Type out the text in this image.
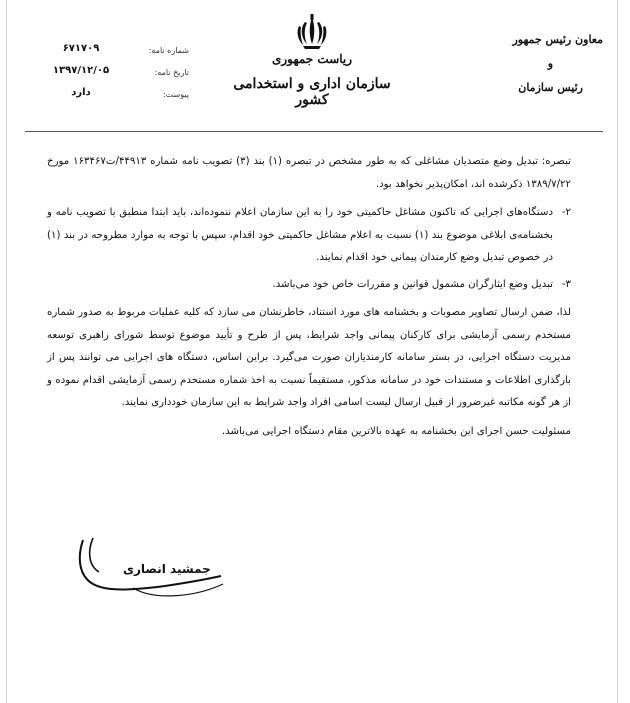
ریاست جمهوری
سازمان اداری و استخدامی کشور
معاون رئیس جمهور
و
رئیس سازمان
شماره نامه:
تاریخ نامه:
پیوست:
۶۷۱۷۰۹
۱۳۹۷/۱۲/۰۵
دارد

تبصره: تبدیل وضع متصدیان مشاغلی که به طور مشخص در تبصره (۱) بند (۳) تصویب نامه شماره ۴۴۹۱۳/ت۱۶۳۴۶۷ مورخ ۱۳۸۹/۷/۲۲ ذکرشده اند، امکان‌پذیر نخواهد بود.

۲-
دستگاه‌های اجرایی که تاکنون مشاغل حاکمیتی خود را به این سازمان اعلام ننموده‌اند، باید ابتدا منطبق با تصویب نامه و بخشنامه‌ی ابلاغی موضوع بند (۱) نسبت به اعلام مشاغل حاکمیتی خود اقدام، سپس با توجه به موارد مطروحه در بند (۱) در خصوص تبدیل وضع کارمندان پیمانی خود اقدام نمایند.
۳-
تبدیل وضع ایثارگران مشمول قوانین و مقررات خاص خود می‌باشد.

لذا، ضمن ارسال تصاویر مصوبات و بخشنامه های مورد استناد، خاطرنشان می سازد که کلیه عملیات مربوط به صدور شماره مستخدم رسمی آزمایشی برای کارکنان پیمانی واجد شرایط، پس از طرح و تأیید موضوع توسط شورای راهبری توسعه مدیریت دستگاه اجرایی، در بستر سامانه کارمندیاران صورت می‌گیرد. براین اساس، دستگاه های اجرایی می توانند پس از بارگذاری اطلاعات و مستندات خود در سامانه مذکور، مستقیماً نسبت به اخذ شماره مستخدم رسمی آزمایشی اقدام نموده و از هر گونه مکاتبه غیرضرور از قبیل ارسال لیست اسامی افراد واجد شرایط به این سازمان خودداری نمایند.

مسئولیت حسن اجرای این بخشنامه به عهده بالاترین مقام دستگاه اجرایی می‌باشد.

جمشید انصاری
